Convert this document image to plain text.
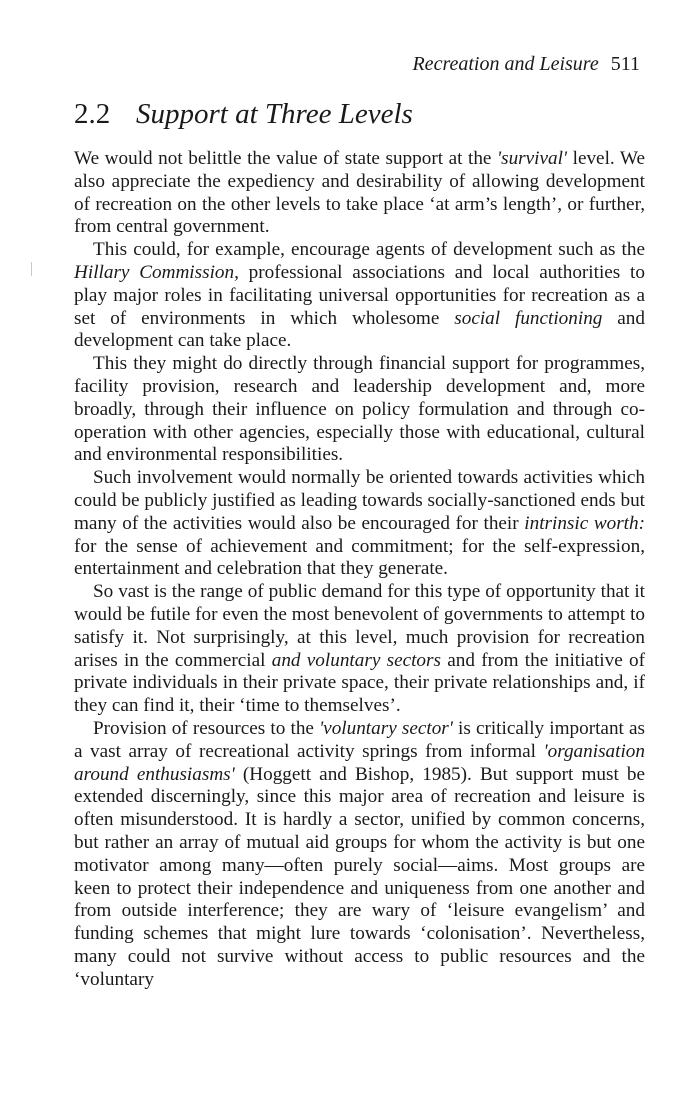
Recreation and Leisure 511
2.2 Support at Three Levels

We would not belittle the value of state support at the 'survival' level. We also appreciate the expediency and desirability of allowing development of recreation on the other levels to take place ‘at arm’s length’, or further, from central government.

This could, for example, encourage agents of development such as the Hillary Commission, professional associations and local authorities to play major roles in facilitating universal opportunities for recreation as a set of environments in which wholesome social functioning and development can take place.

This they might do directly through financial support for programmes, facility provision, research and leadership development and, more broadly, through their influence on policy formulation and through co-operation with other agencies, especially those with educational, cultural and environmental responsibilities.

Such involvement would normally be oriented towards activities which could be publicly justified as leading towards socially-sanctioned ends but many of the activities would also be encouraged for their intrinsic worth: for the sense of achievement and commitment; for the self-expression, entertainment and celebration that they generate.

So vast is the range of public demand for this type of opportunity that it would be futile for even the most benevolent of governments to attempt to satisfy it. Not surprisingly, at this level, much provision for recreation arises in the commercial and voluntary sectors and from the initiative of private individuals in their private space, their private relationships and, if they can find it, their ‘time to themselves’.

Provision of resources to the 'voluntary sector' is critically important as a vast array of recreational activity springs from informal 'organisation around enthusiasms' (Hoggett and Bishop, 1985). But support must be extended discerningly, since this major area of recreation and leisure is often misunderstood. It is hardly a sector, unified by common concerns, but rather an array of mutual aid groups for whom the activity is but one motivator among many—often purely social—aims. Most groups are keen to protect their independence and uniqueness from one another and from outside interference; they are wary of ‘leisure evangelism’ and funding schemes that might lure towards ‘colonisation’. Nevertheless, many could not survive without access to public resources and the ‘voluntary
